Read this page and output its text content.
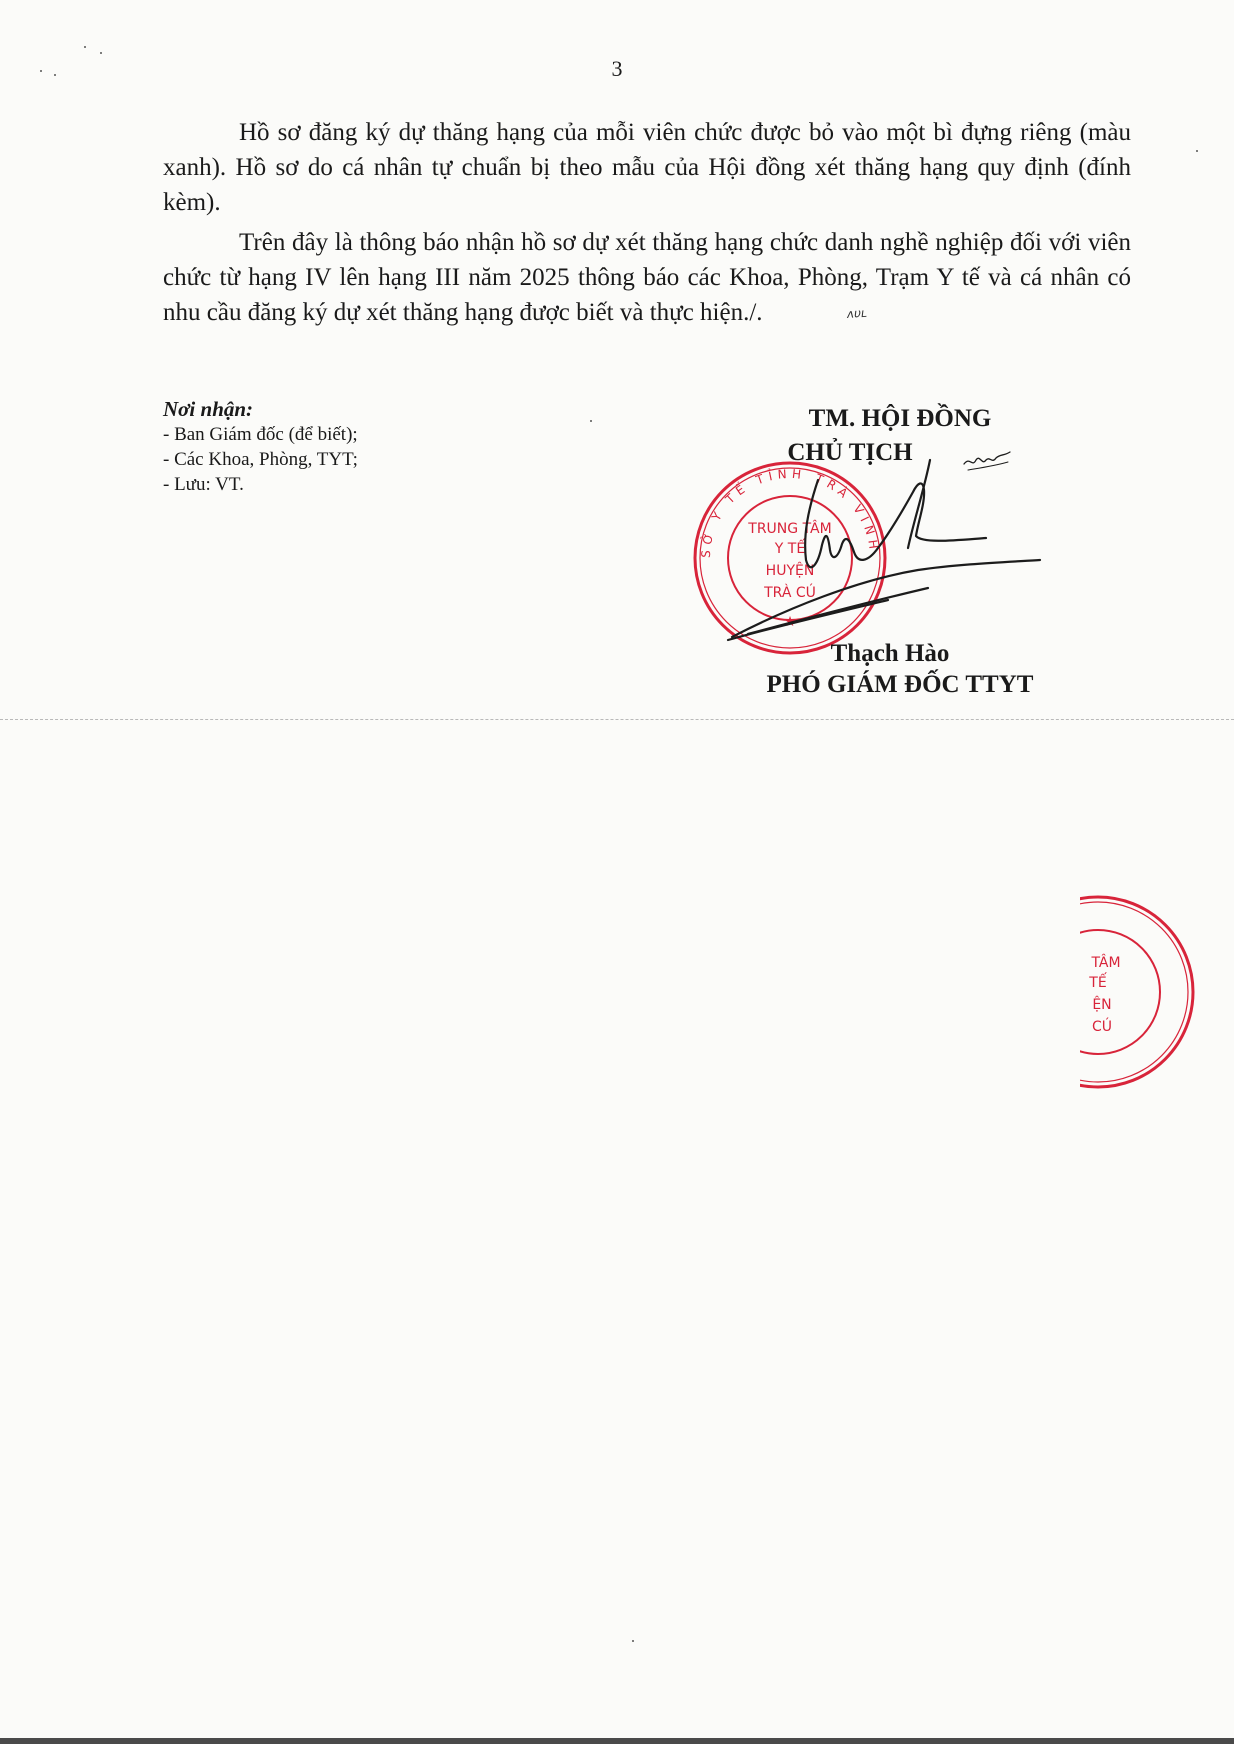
3

Hồ sơ đăng ký dự thăng hạng của mỗi viên chức được bỏ vào một bì đựng riêng (màu xanh). Hồ sơ do cá nhân tự chuẩn bị theo mẫu của Hội đồng xét thăng hạng quy định (đính kèm).

Trên đây là thông báo nhận hồ sơ dự xét thăng hạng chức danh nghề nghiệp đối với viên chức từ hạng IV lên hạng III năm 2025 thông báo các Khoa, Phòng, Trạm Y tế và cá nhân có nhu cầu đăng ký dự xét thăng hạng được biết và thực hiện./.	ʌυʟ

Nơi nhận:
- Ban Giám đốc (để biết);
- Các Khoa, Phòng, TYT;
- Lưu: VT.
TM. HỘI ĐỒNG
CHỦ TỊCH
SỞ Y TẾ TỈNH TRÀ VINH
TRUNG TÂM
Y TẾ
HUYỆN
TRÀ CÚ
★
Thạch Hào
PHÓ GIÁM ĐỐC TTYT
TÂM
TẾ
ỆN
CÚ
